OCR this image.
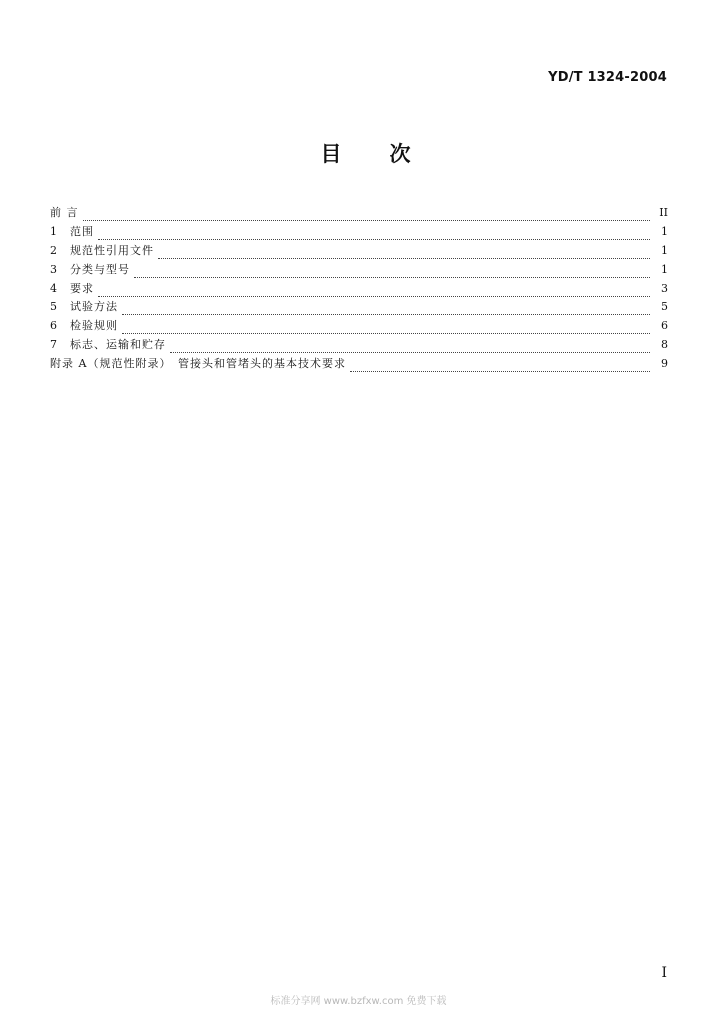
YD/T 1324-2004
目 次
前 言	II
1	范围	1
2	规范性引用文件	1
3	分类与型号	1
4	要求	3
5	试验方法	5
6	检验规则	6
7	标志、运输和贮存	8
附录 A（规范性附录）　管接头和管堵头的基本技术要求	9
I
标准分享网 www.bzfxw.com 免费下载
